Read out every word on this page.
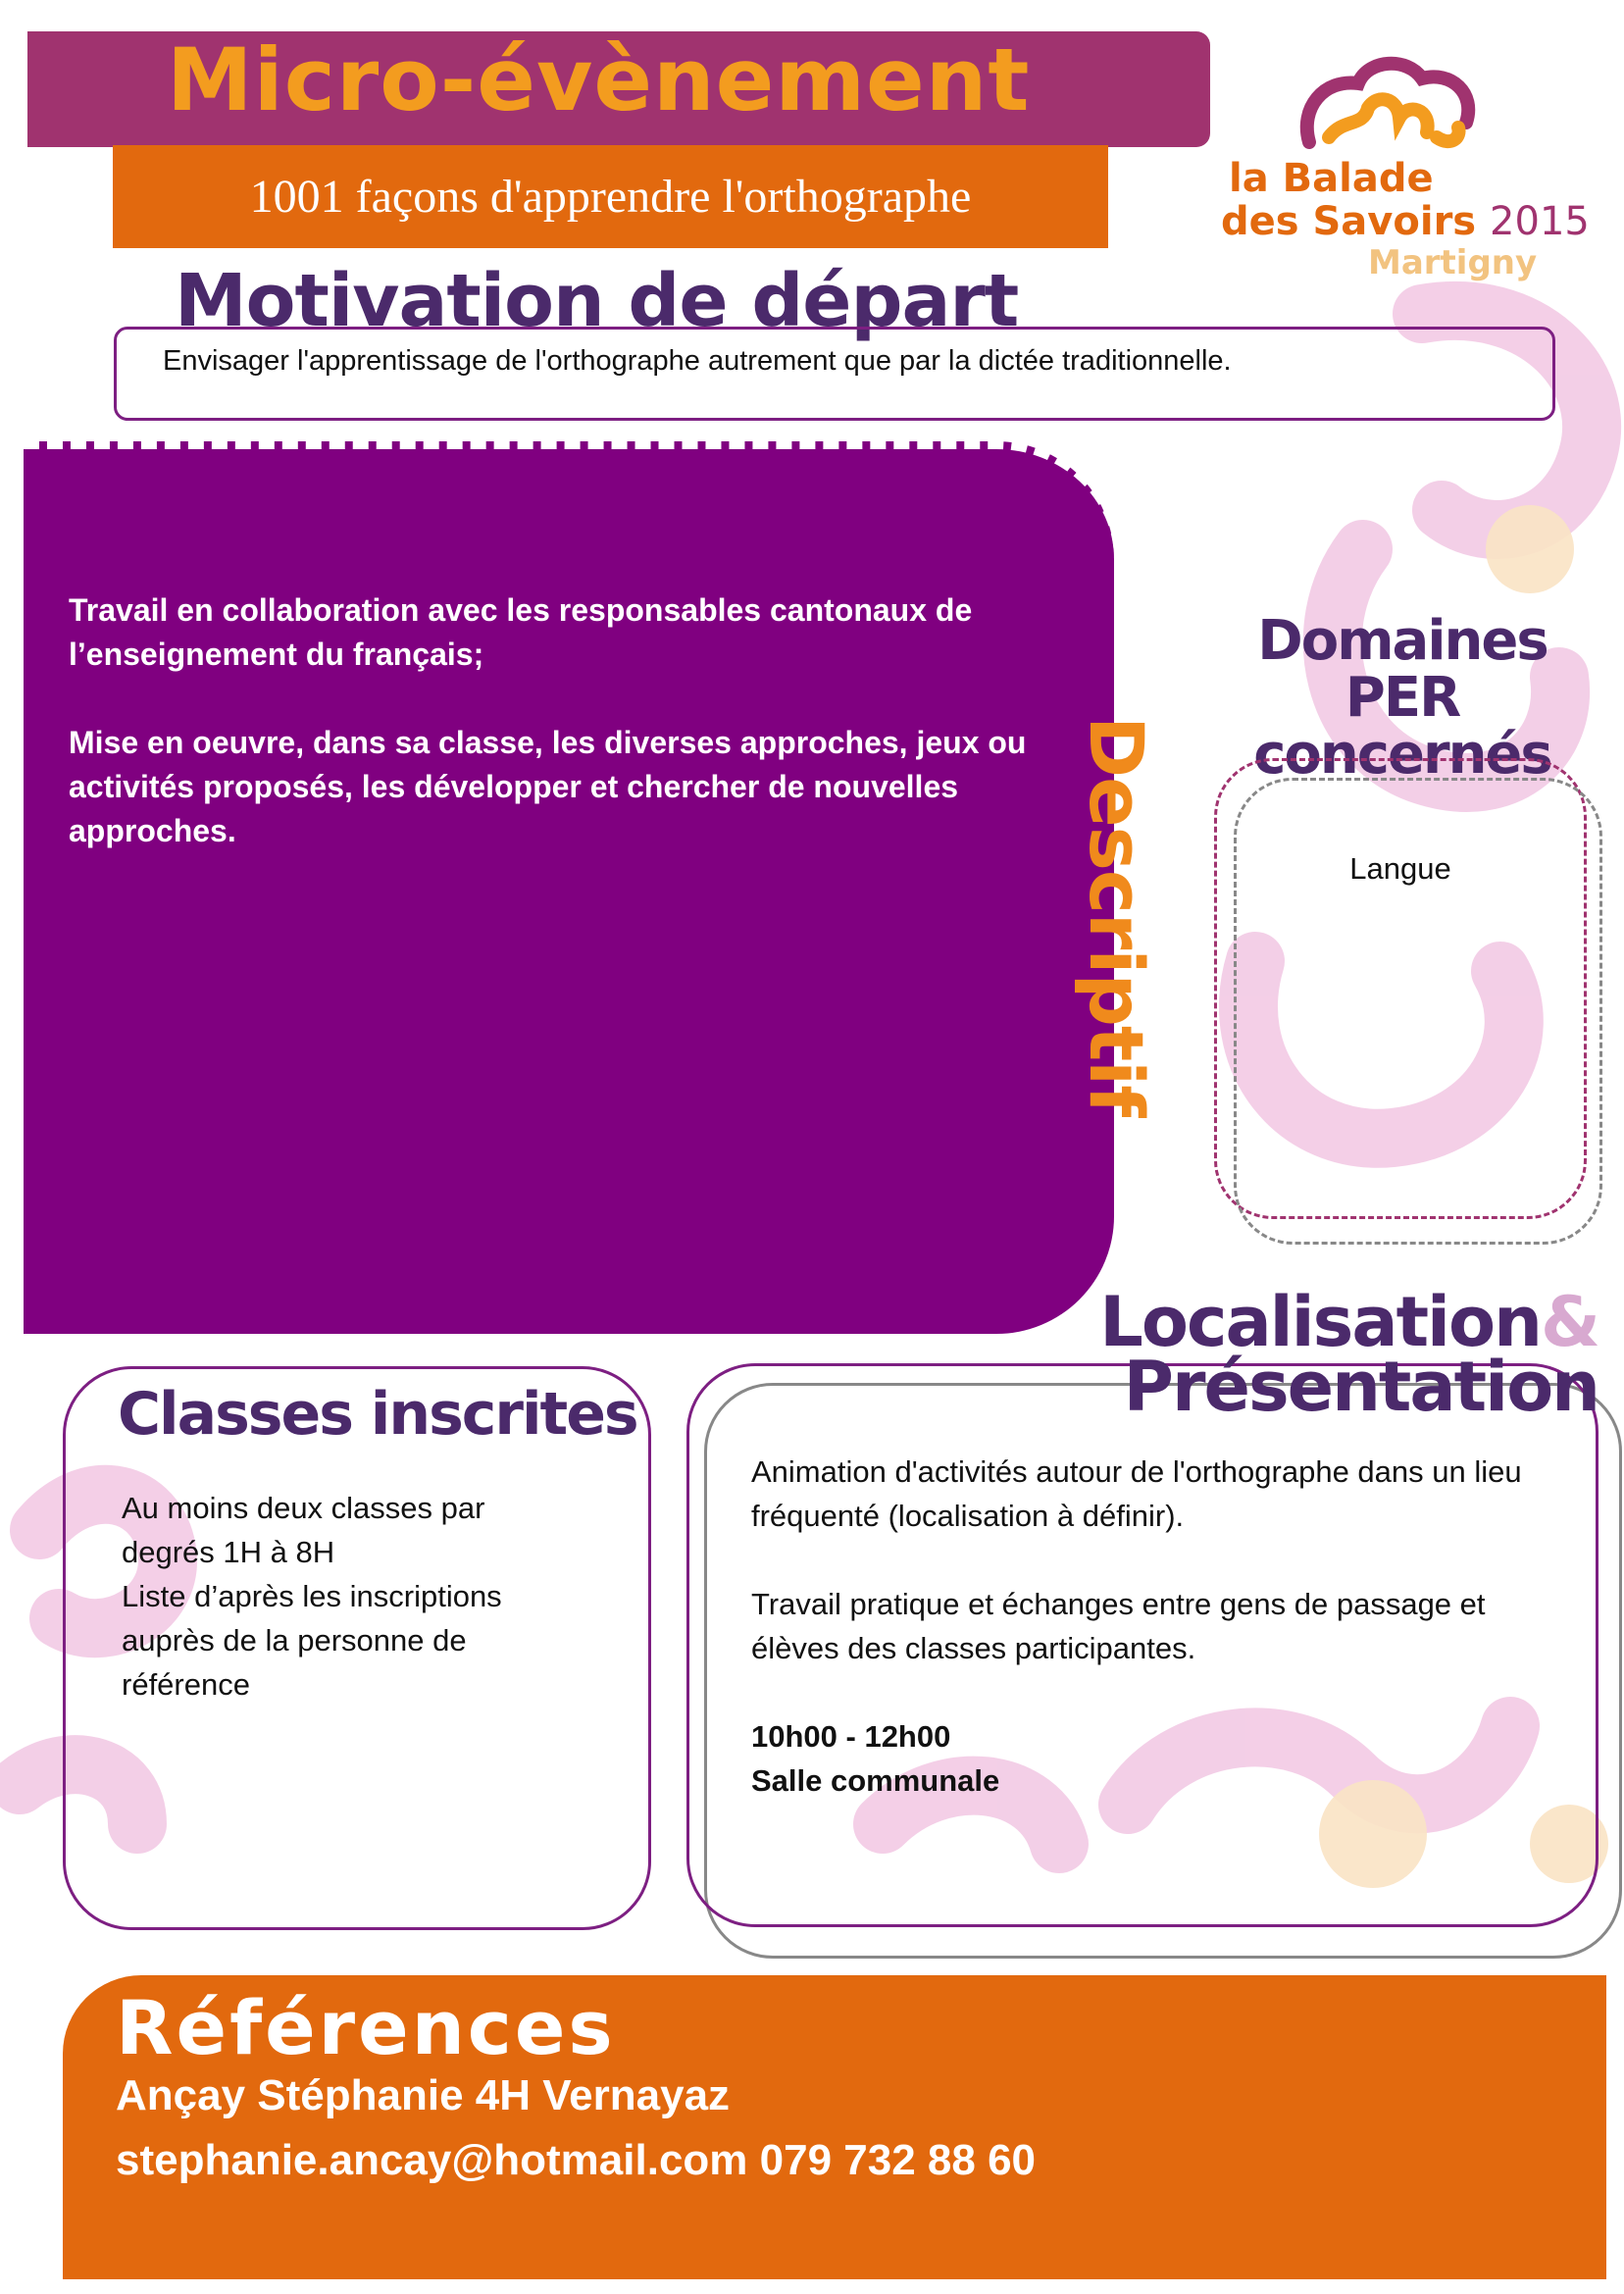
Micro-évènement
1001 façons d'apprendre l'orthographe	la Balade
des Savoirs 2015
Martigny
Motivation de départ
Envisager l'apprentissage de l'orthographe autrement que par la dictée traditionnelle.

Travail en collaboration avec les responsables cantonaux de l’enseignement du français;

Mise en oeuvre, dans sa classe, les diverses approches, jeux ou activités proposés, les développer et chercher de nouvelles approches.	Descriptif
Domaines PER
concernés
Langue
Localisation&
Présentation

Animation d'activités autour de l'orthographe dans un lieu fréquenté (localisation à définir).

Travail pratique et échanges entre gens de passage et élèves des classes participantes.

10h00 - 12h00
Salle communale
Classes inscrites
Au moins deux classes par
degrés 1H à 8H
Liste d’après les inscriptions
auprès de la personne de
référence
Références
Ançay Stéphanie 4H Vernayaz
stephanie.ancay@hotmail.com 079 732 88 60
